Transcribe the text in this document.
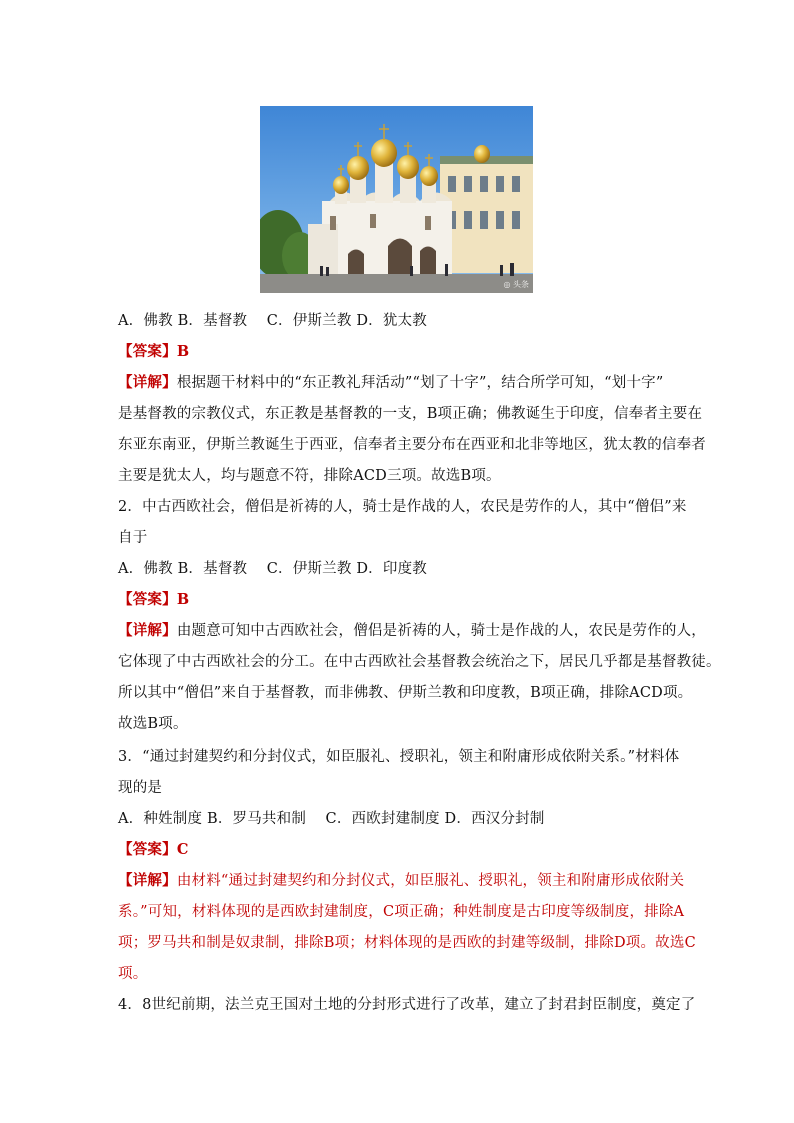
◎ 头条
A．佛教 B．基督教　 C．伊斯兰教 D．犹太教
【答案】B
【详解】根据题干材料中的“东正教礼拜活动”“划了十字”，结合所学可知，“划十字”
是基督教的宗教仪式，东正教是基督教的一支，B项正确；佛教诞生于印度，信奉者主要在
东亚东南亚，伊斯兰教诞生于西亚，信奉者主要分布在西亚和北非等地区，犹太教的信奉者
主要是犹太人，均与题意不符，排除ACD三项。故选B项。
2．中古西欧社会，僧侣是祈祷的人，骑士是作战的人，农民是劳作的人，其中“僧侣”来
自于
A．佛教 B．基督教　 C．伊斯兰教 D．印度教
【答案】B
【详解】由题意可知中古西欧社会，僧侣是祈祷的人，骑士是作战的人，农民是劳作的人，
它体现了中古西欧社会的分工。在中古西欧社会基督教会统治之下，居民几乎都是基督教徒。
所以其中“僧侣”来自于基督教，而非佛教、伊斯兰教和印度教，B项正确，排除ACD项。
故选B项。
3．“通过封建契约和分封仪式，如臣服礼、授职礼，领主和附庸形成依附关系。”材料体
现的是
A．种姓制度 B．罗马共和制　 C．西欧封建制度 D．西汉分封制
【答案】C
【详解】由材料“通过封建契约和分封仪式，如臣服礼、授职礼，领主和附庸形成依附关
系。”可知，材料体现的是西欧封建制度，C项正确；种姓制度是古印度等级制度，排除A
项；罗马共和制是奴隶制，排除B项；材料体现的是西欧的封建等级制，排除D项。故选C
项。
4．8世纪前期，法兰克王国对土地的分封形式进行了改革，建立了封君封臣制度，奠定了
